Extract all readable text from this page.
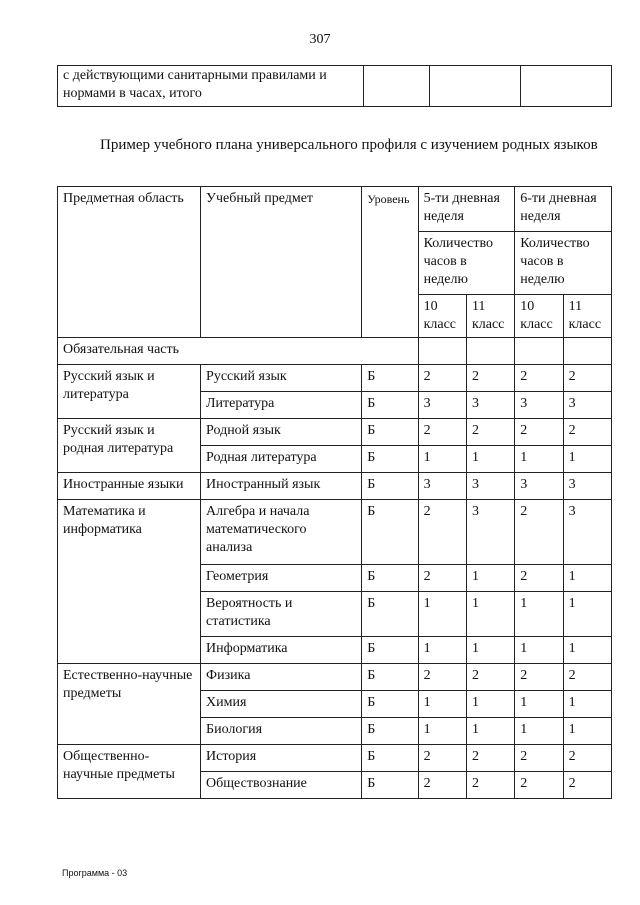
307
с действующими санитарными правилами и нормами в часах, итого			
Пример учебного плана универсального профиля с изучением родных языков
Предметная область	Учебный предмет	Уровень	5-ти дневная неделя		6-ти дневная неделя	
			Количество часов в неделю		Количество часов в неделю	
			10 класс	11 класс	10 класс	11 класс
Обязательная часть						
Русский язык и литература	Русский язык	Б	2	2	2	2
	Литература	Б	3	3	3	3
Русский язык и родная литература	Родной язык	Б	2	2	2	2
	Родная литература	Б	1	1	1	1
Иностранные языки	Иностранный язык	Б	3	3	3	3
Математика и информатика	Алгебра и начала математического анализа	Б	2	3	2	3
	Геометрия	Б	2	1	2	1
	Вероятность и статистика	Б	1	1	1	1
	Информатика	Б	1	1	1	1
Естественно-научные предметы	Физика	Б	2	2	2	2
	Химия	Б	1	1	1	1
	Биология	Б	1	1	1	1
Общественно-научные предметы	История	Б	2	2	2	2
	Обществознание	Б	2	2	2	2
Программа - 03
